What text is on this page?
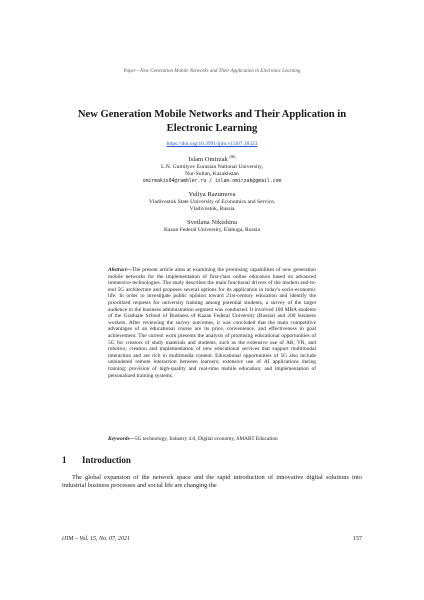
Paper—New Generation Mobile Networks and Their Application in Electronic Learning
New Generation Mobile Networks and Their Application in Electronic Learning
https://doi.org/10.3991/ijim.v15i07.18323
Islam Omirzak (✉)
L.N. Gumilyov Eurasian National University,
Nur-Sultan, Kazakhstan
omirmakis04@rambler.ru / islam.omirzak@gmail.com
Yuliya Razumova
Vladivostok State University of Economics and Service,
Vladivostok, Russia
Svetlana Nikishina
Kazan Federal University, Elabuga, Russia
Abstract—The present article aims at examining the promising capabilities of new generation mobile networks for the implementation of first-class online education based on advanced immersive technologies. The study describes the main functional drivers of the modern end-to-end 5G architecture and proposes several options for its application in today's socio-economic life. In order to investigate public opinion toward 21st-century education and identify the prioritized requests for university training among potential students, a survey of the target audience in the business administration segment was conducted. It involved 100 MBA students of the Graduate School of Business of Kazan Federal University (Russia) and 200 business workers. After reviewing the survey outcomes, it was concluded that the main competitive advantages of an educational course are its price, convenience, and effectiveness in goal achievement. The current work presents the analysis of promising educational opportunities of 5G for creators of study materials and students, such as the extensive use of AR, VR, and robotics; creation and implementation of new educational services that support multimodal interaction and are rich in multimedia content. Educational opportunities of 5G also include unhindered remote interaction between learners; extensive use of AI applications during training; provision of high-quality and real-time mobile education; and implementation of personalized training systems.
Keywords—5G technology, Industry 4.0, Digital economy, SMART Education
1 Introduction
The global expansion of the network space and the rapid introduction of innovative digital solutions into industrial business processes and social life are changing the
iJIM – Vol. 15, No. 07, 2021	157
